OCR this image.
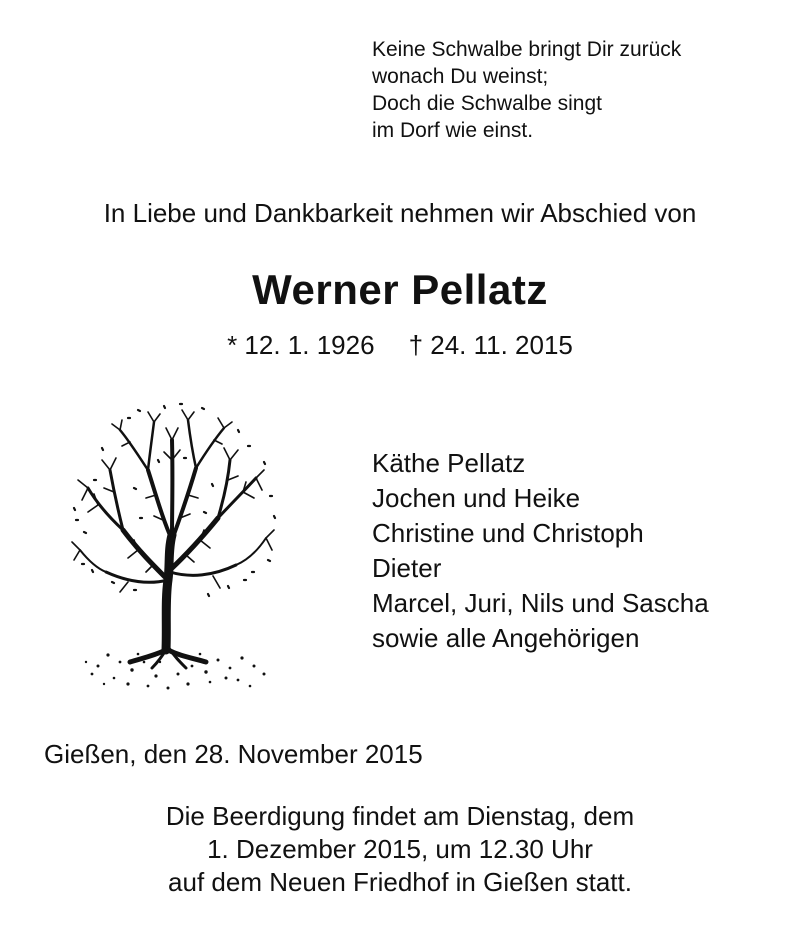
Keine Schwalbe bringt Dir zurück
wonach Du weinst;
Doch die Schwalbe singt
im Dorf wie einst.
In Liebe und Dankbarkeit nehmen wir Abschied von
Werner Pellatz
* 12. 1. 1926 † 24. 11. 2015
Käthe Pellatz
Jochen und Heike
Christine und Christoph
Dieter
Marcel, Juri, Nils und Sascha
sowie alle Angehörigen
Gießen, den 28. November 2015
Die Beerdigung findet am Dienstag, dem
1. Dezember 2015, um 12.30 Uhr
auf dem Neuen Friedhof in Gießen statt.
